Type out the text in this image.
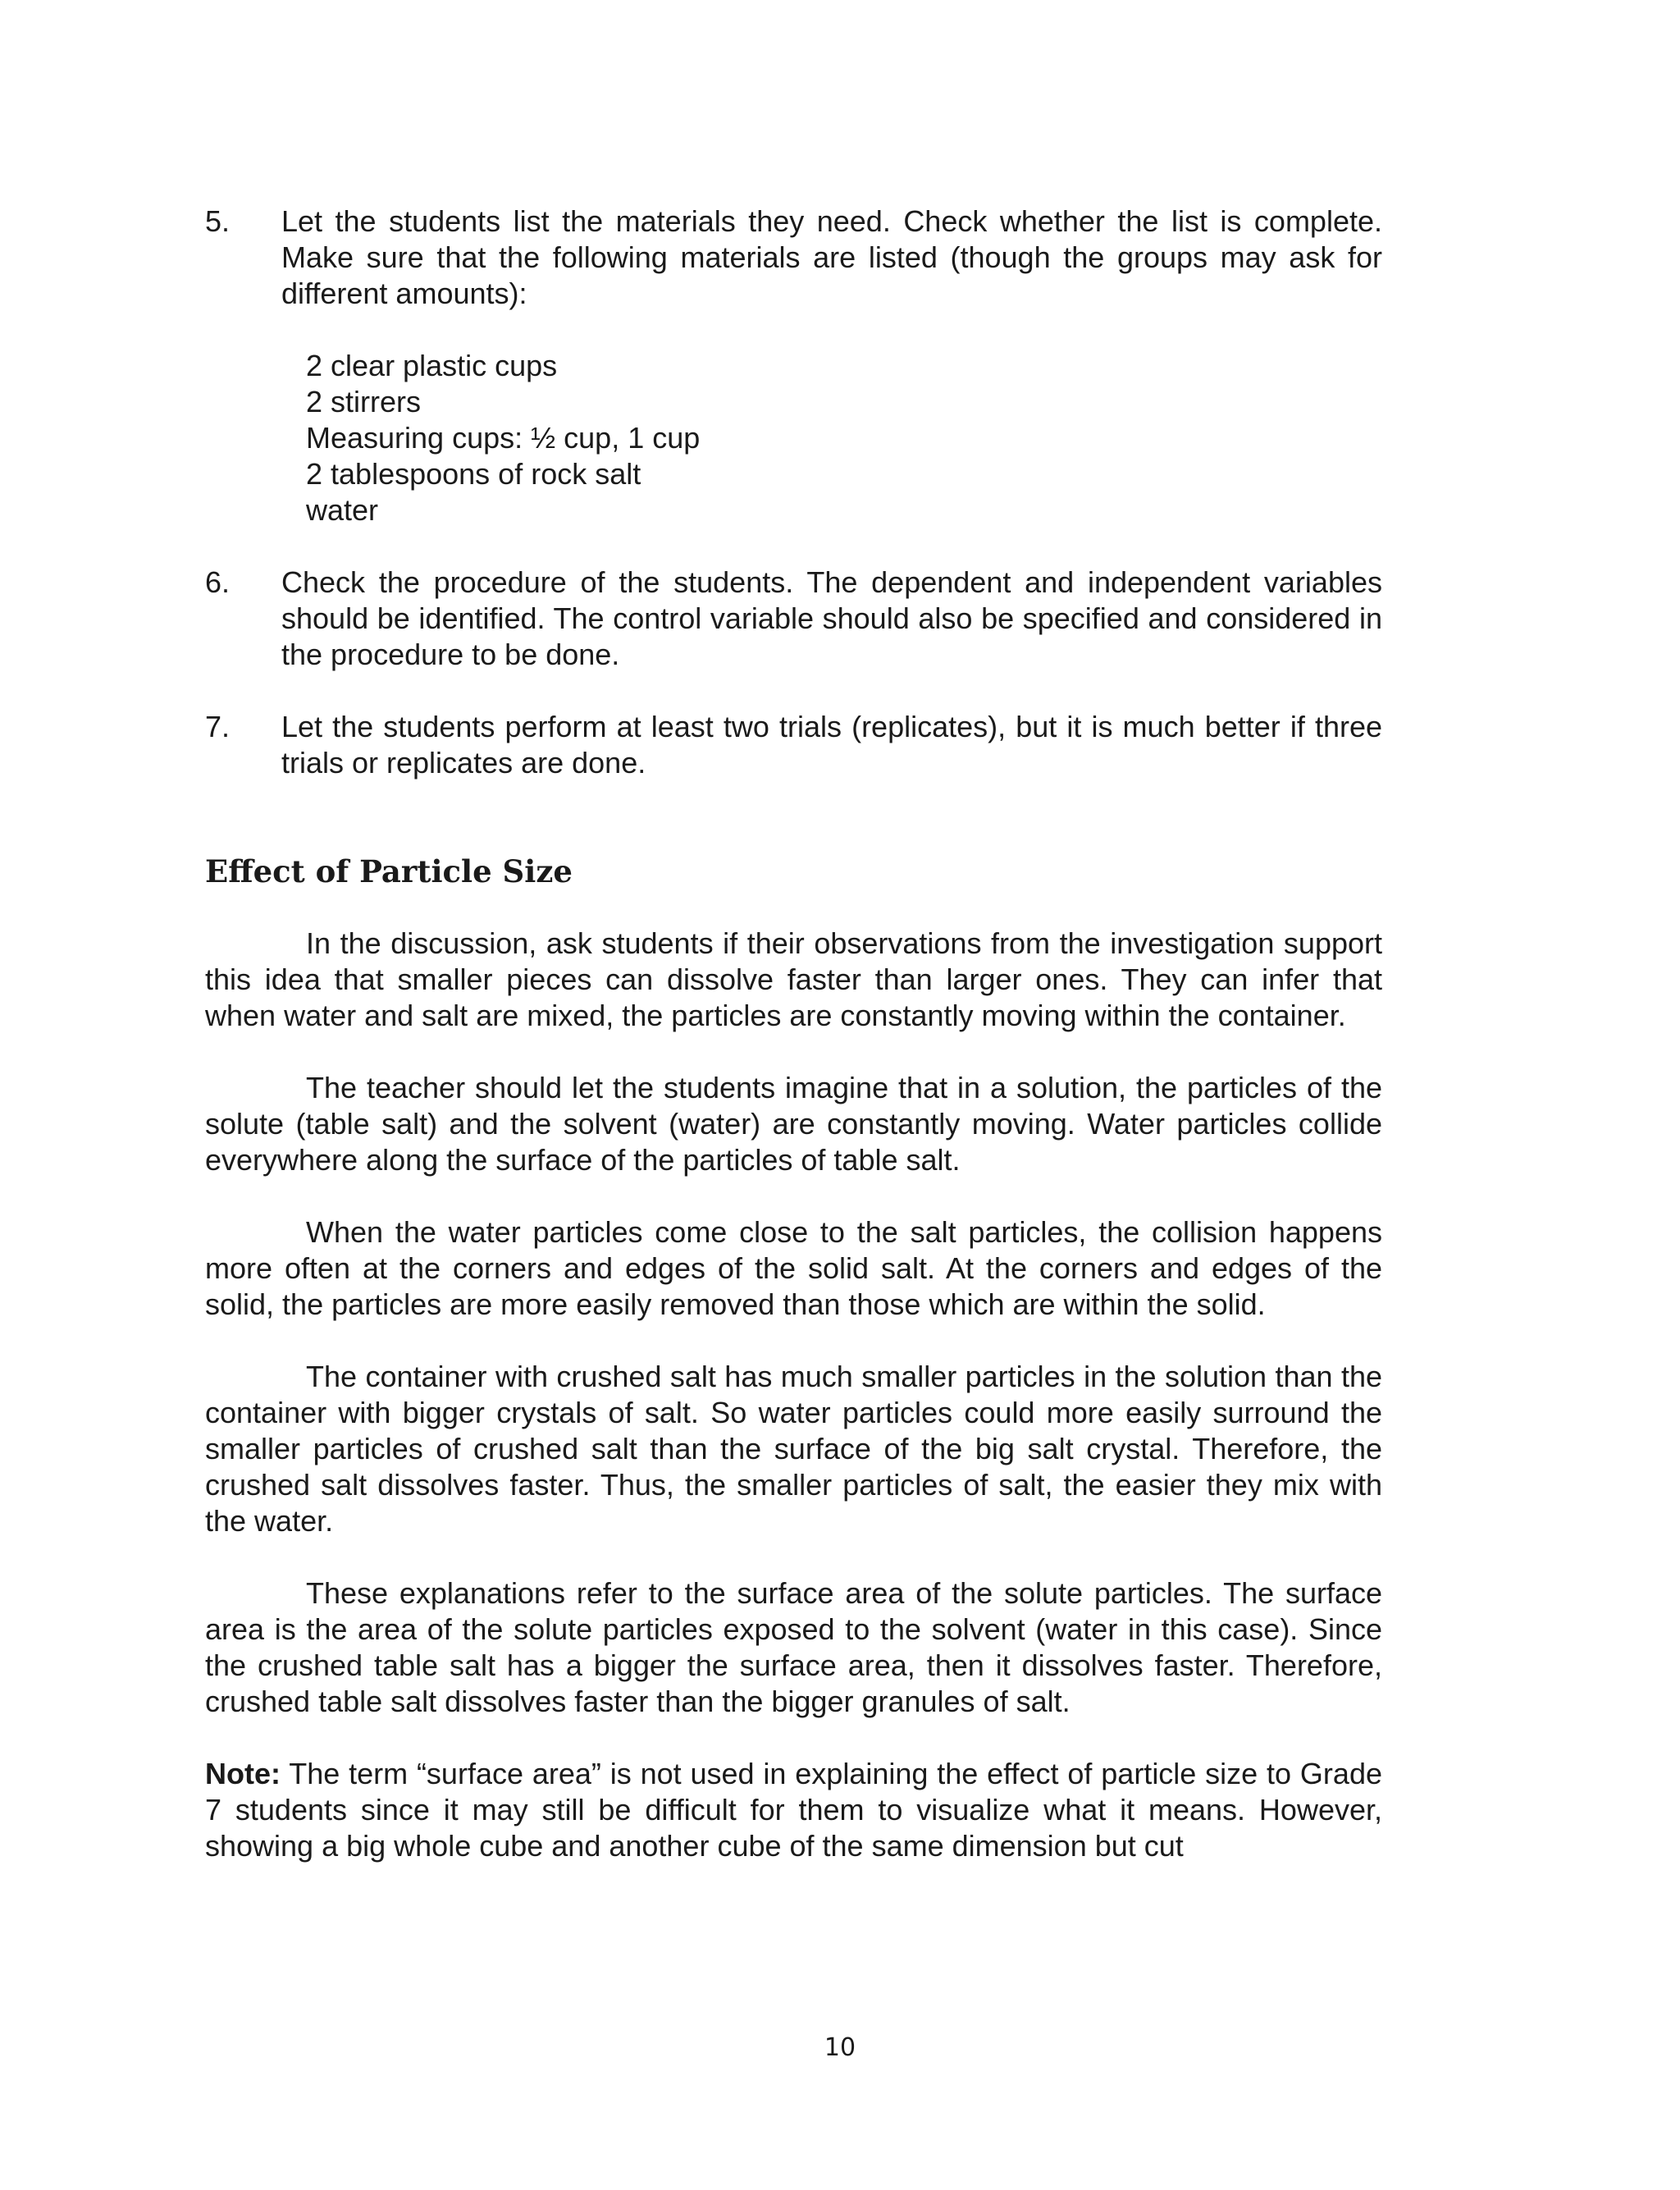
5. Let the students list the materials they need. Check whether the list is complete. Make sure that the following materials are listed (though the groups may ask for different amounts):

2 clear plastic cups
2 stirrers
Measuring cups: ½ cup, 1 cup
2 tablespoons of rock salt
water
6. Check the procedure of the students. The dependent and independent variables should be identified. The control variable should also be specified and considered in the procedure to be done.

7. Let the students perform at least two trials (replicates), but it is much better if three trials or replicates are done.

Effect of Particle Size

In the discussion, ask students if their observations from the investigation support this idea that smaller pieces can dissolve faster than larger ones. They can infer that when water and salt are mixed, the particles are constantly moving within the container.

The teacher should let the students imagine that in a solution, the particles of the solute (table salt) and the solvent (water) are constantly moving. Water particles collide everywhere along the surface of the particles of table salt.

When the water particles come close to the salt particles, the collision happens more often at the corners and edges of the solid salt. At the corners and edges of the solid, the particles are more easily removed than those which are within the solid.

The container with crushed salt has much smaller particles in the solution than the container with bigger crystals of salt. So water particles could more easily surround the smaller particles of crushed salt than the surface of the big salt crystal. Therefore, the crushed salt dissolves faster. Thus, the smaller particles of salt, the easier they mix with the water.

These explanations refer to the surface area of the solute particles. The surface area is the area of the solute particles exposed to the solvent (water in this case). Since the crushed table salt has a bigger the surface area, then it dissolves faster. Therefore, crushed table salt dissolves faster than the bigger granules of salt.

Note: The term “surface area” is not used in explaining the effect of particle size to Grade 7 students since it may still be difficult for them to visualize what it means. However, showing a big whole cube and another cube of the same dimension but cut

10
